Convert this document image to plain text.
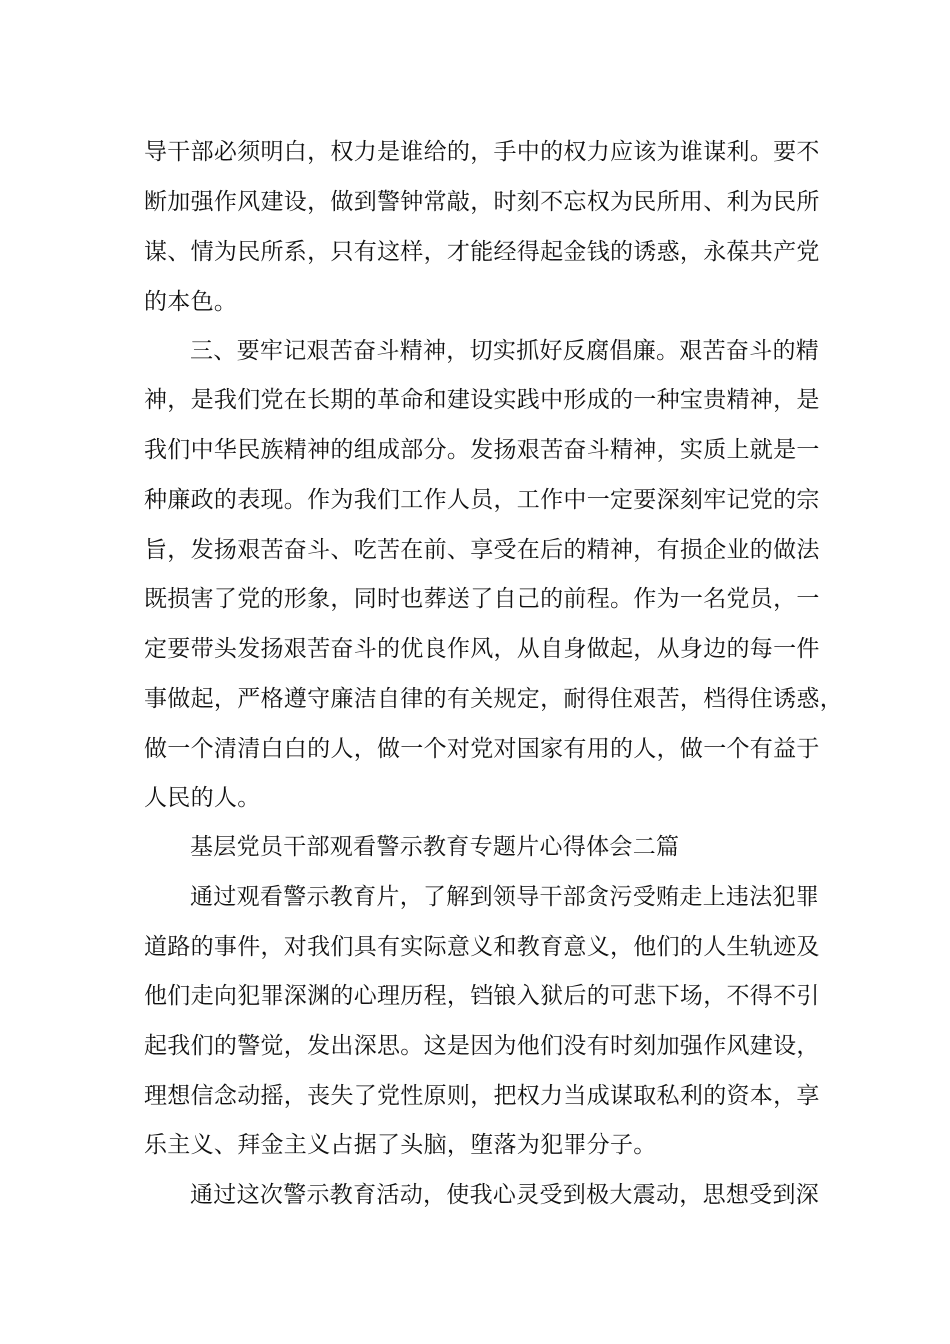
导干部必须明白，权力是谁给的，手中的权力应该为谁谋利。要不
断加强作风建设，做到警钟常敲，时刻不忘权为民所用、利为民所
谋、情为民所系，只有这样，才能经得起金钱的诱惑，永葆共产党
的本色。
三、要牢记艰苦奋斗精神，切实抓好反腐倡廉。艰苦奋斗的精
神，是我们党在长期的革命和建设实践中形成的一种宝贵精神，是
我们中华民族精神的组成部分。发扬艰苦奋斗精神，实质上就是一
种廉政的表现。作为我们工作人员，工作中一定要深刻牢记党的宗
旨，发扬艰苦奋斗、吃苦在前、享受在后的精神，有损企业的做法
既损害了党的形象，同时也葬送了自己的前程。作为一名党员，一
定要带头发扬艰苦奋斗的优良作风，从自身做起，从身边的每一件
事做起，严格遵守廉洁自律的有关规定，耐得住艰苦，档得住诱惑，
做一个清清白白的人，做一个对党对国家有用的人，做一个有益于
人民的人。
基层党员干部观看警示教育专题片心得体会二篇
通过观看警示教育片，了解到领导干部贪污受贿走上违法犯罪
道路的事件，对我们具有实际意义和教育意义，他们的人生轨迹及
他们走向犯罪深渊的心理历程，铛锒入狱后的可悲下场，不得不引
起我们的警觉，发出深思。这是因为他们没有时刻加强作风建设，
理想信念动摇，丧失了党性原则，把权力当成谋取私利的资本，享
乐主义、拜金主义占据了头脑，堕落为犯罪分子。
通过这次警示教育活动，使我心灵受到极大震动，思想受到深
